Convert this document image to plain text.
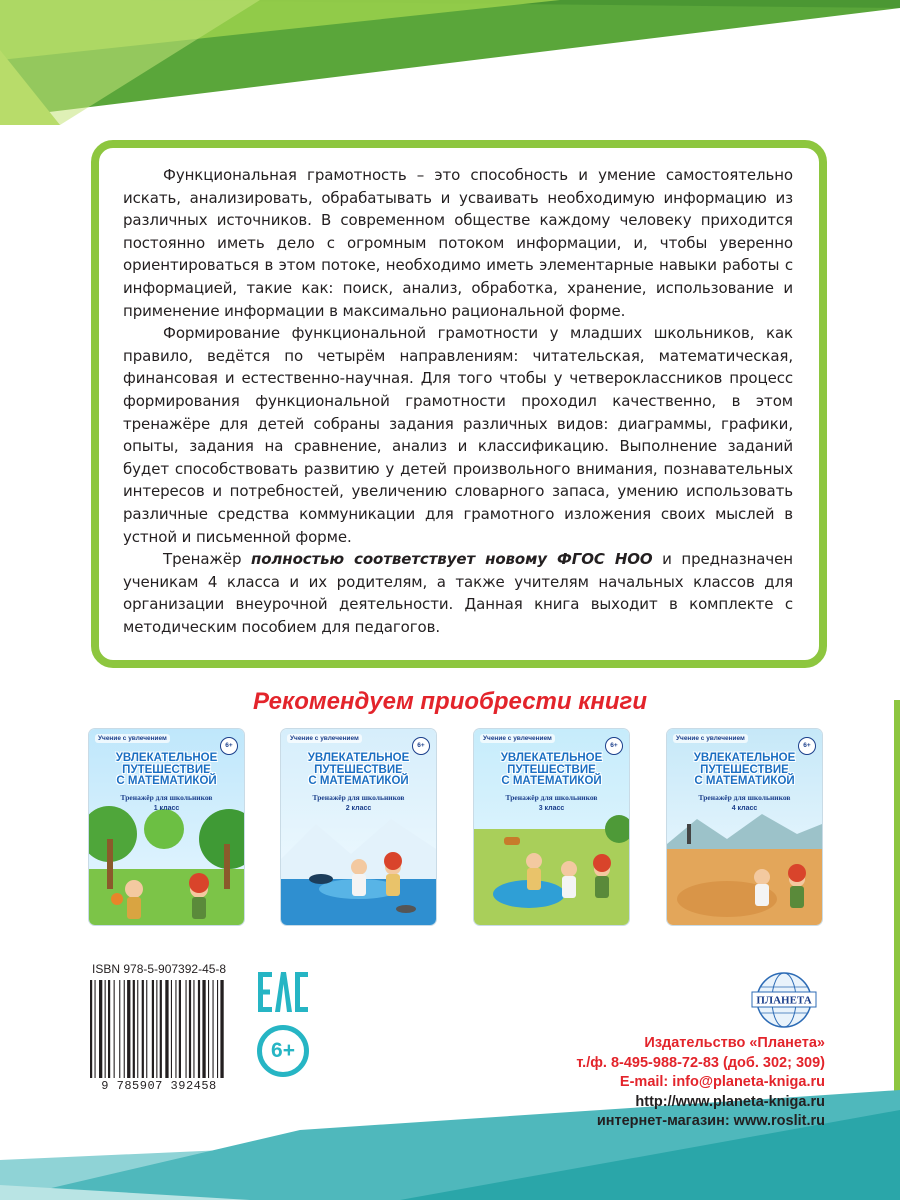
Функциональная грамотность – это способность и умение самостоятельно искать, анализировать, обрабатывать и усваивать необходимую информацию из различных источников. В современном обществе каждому человеку приходится постоянно иметь дело с огромным потоком информации, и, чтобы уверенно ориентироваться в этом потоке, необходимо иметь элементарные навыки работы с информацией, такие как: поиск, анализ, обработка, хранение, использование и применение информации в максимально рациональной форме.

Формирование функциональной грамотности у младших школьников, как правило, ведётся по четырём направлениям: читательская, математическая, финансовая и естественно-научная. Для того чтобы у четвероклассников процесс формирования функциональной грамотности проходил качественно, в этом тренажёре для детей собраны задания различных видов: диаграммы, графики, опыты, задания на сравнение, анализ и классификацию. Выполнение заданий будет способствовать развитию у детей произвольного внимания, познавательных интересов и потребностей, увеличению словарного запаса, умению использовать различные средства коммуникации для грамотного изложения своих мыслей в устной и письменной форме.

Тренажёр полностью соответствует новому ФГОС НОО и предназначен ученикам 4 класса и их родителям, а также учителям начальных классов для организации внеурочной деятельности. Данная книга выходит в комплекте с методическим пособием для педагогов.

Рекомендуем приобрести книги
Учение с увлечением
6+
УВЛЕКАТЕЛЬНОЕ
ПУТЕШЕСТВИЕ
С МАТЕМАТИКОЙ
Тренажёр для школьников
1 класс
Учение с увлечением
6+
УВЛЕКАТЕЛЬНОЕ
ПУТЕШЕСТВИЕ
С МАТЕМАТИКОЙ
Тренажёр для школьников
2 класс
Учение с увлечением
6+
УВЛЕКАТЕЛЬНОЕ
ПУТЕШЕСТВИЕ
С МАТЕМАТИКОЙ
Тренажёр для школьников
3 класс
Учение с увлечением
6+
УВЛЕКАТЕЛЬНОЕ
ПУТЕШЕСТВИЕ
С МАТЕМАТИКОЙ
Тренажёр для школьников
4 класс
ISBN 978-5-907392-45-8
9 785907 392458
6+
ПЛАНЕТА
Издательство «Планета»
т./ф. 8-495-988-72-83 (доб. 302; 309)
E-mail: info@planeta-kniga.ru
http://www.planeta-kniga.ru
интернет-магазин: www.roslit.ru
